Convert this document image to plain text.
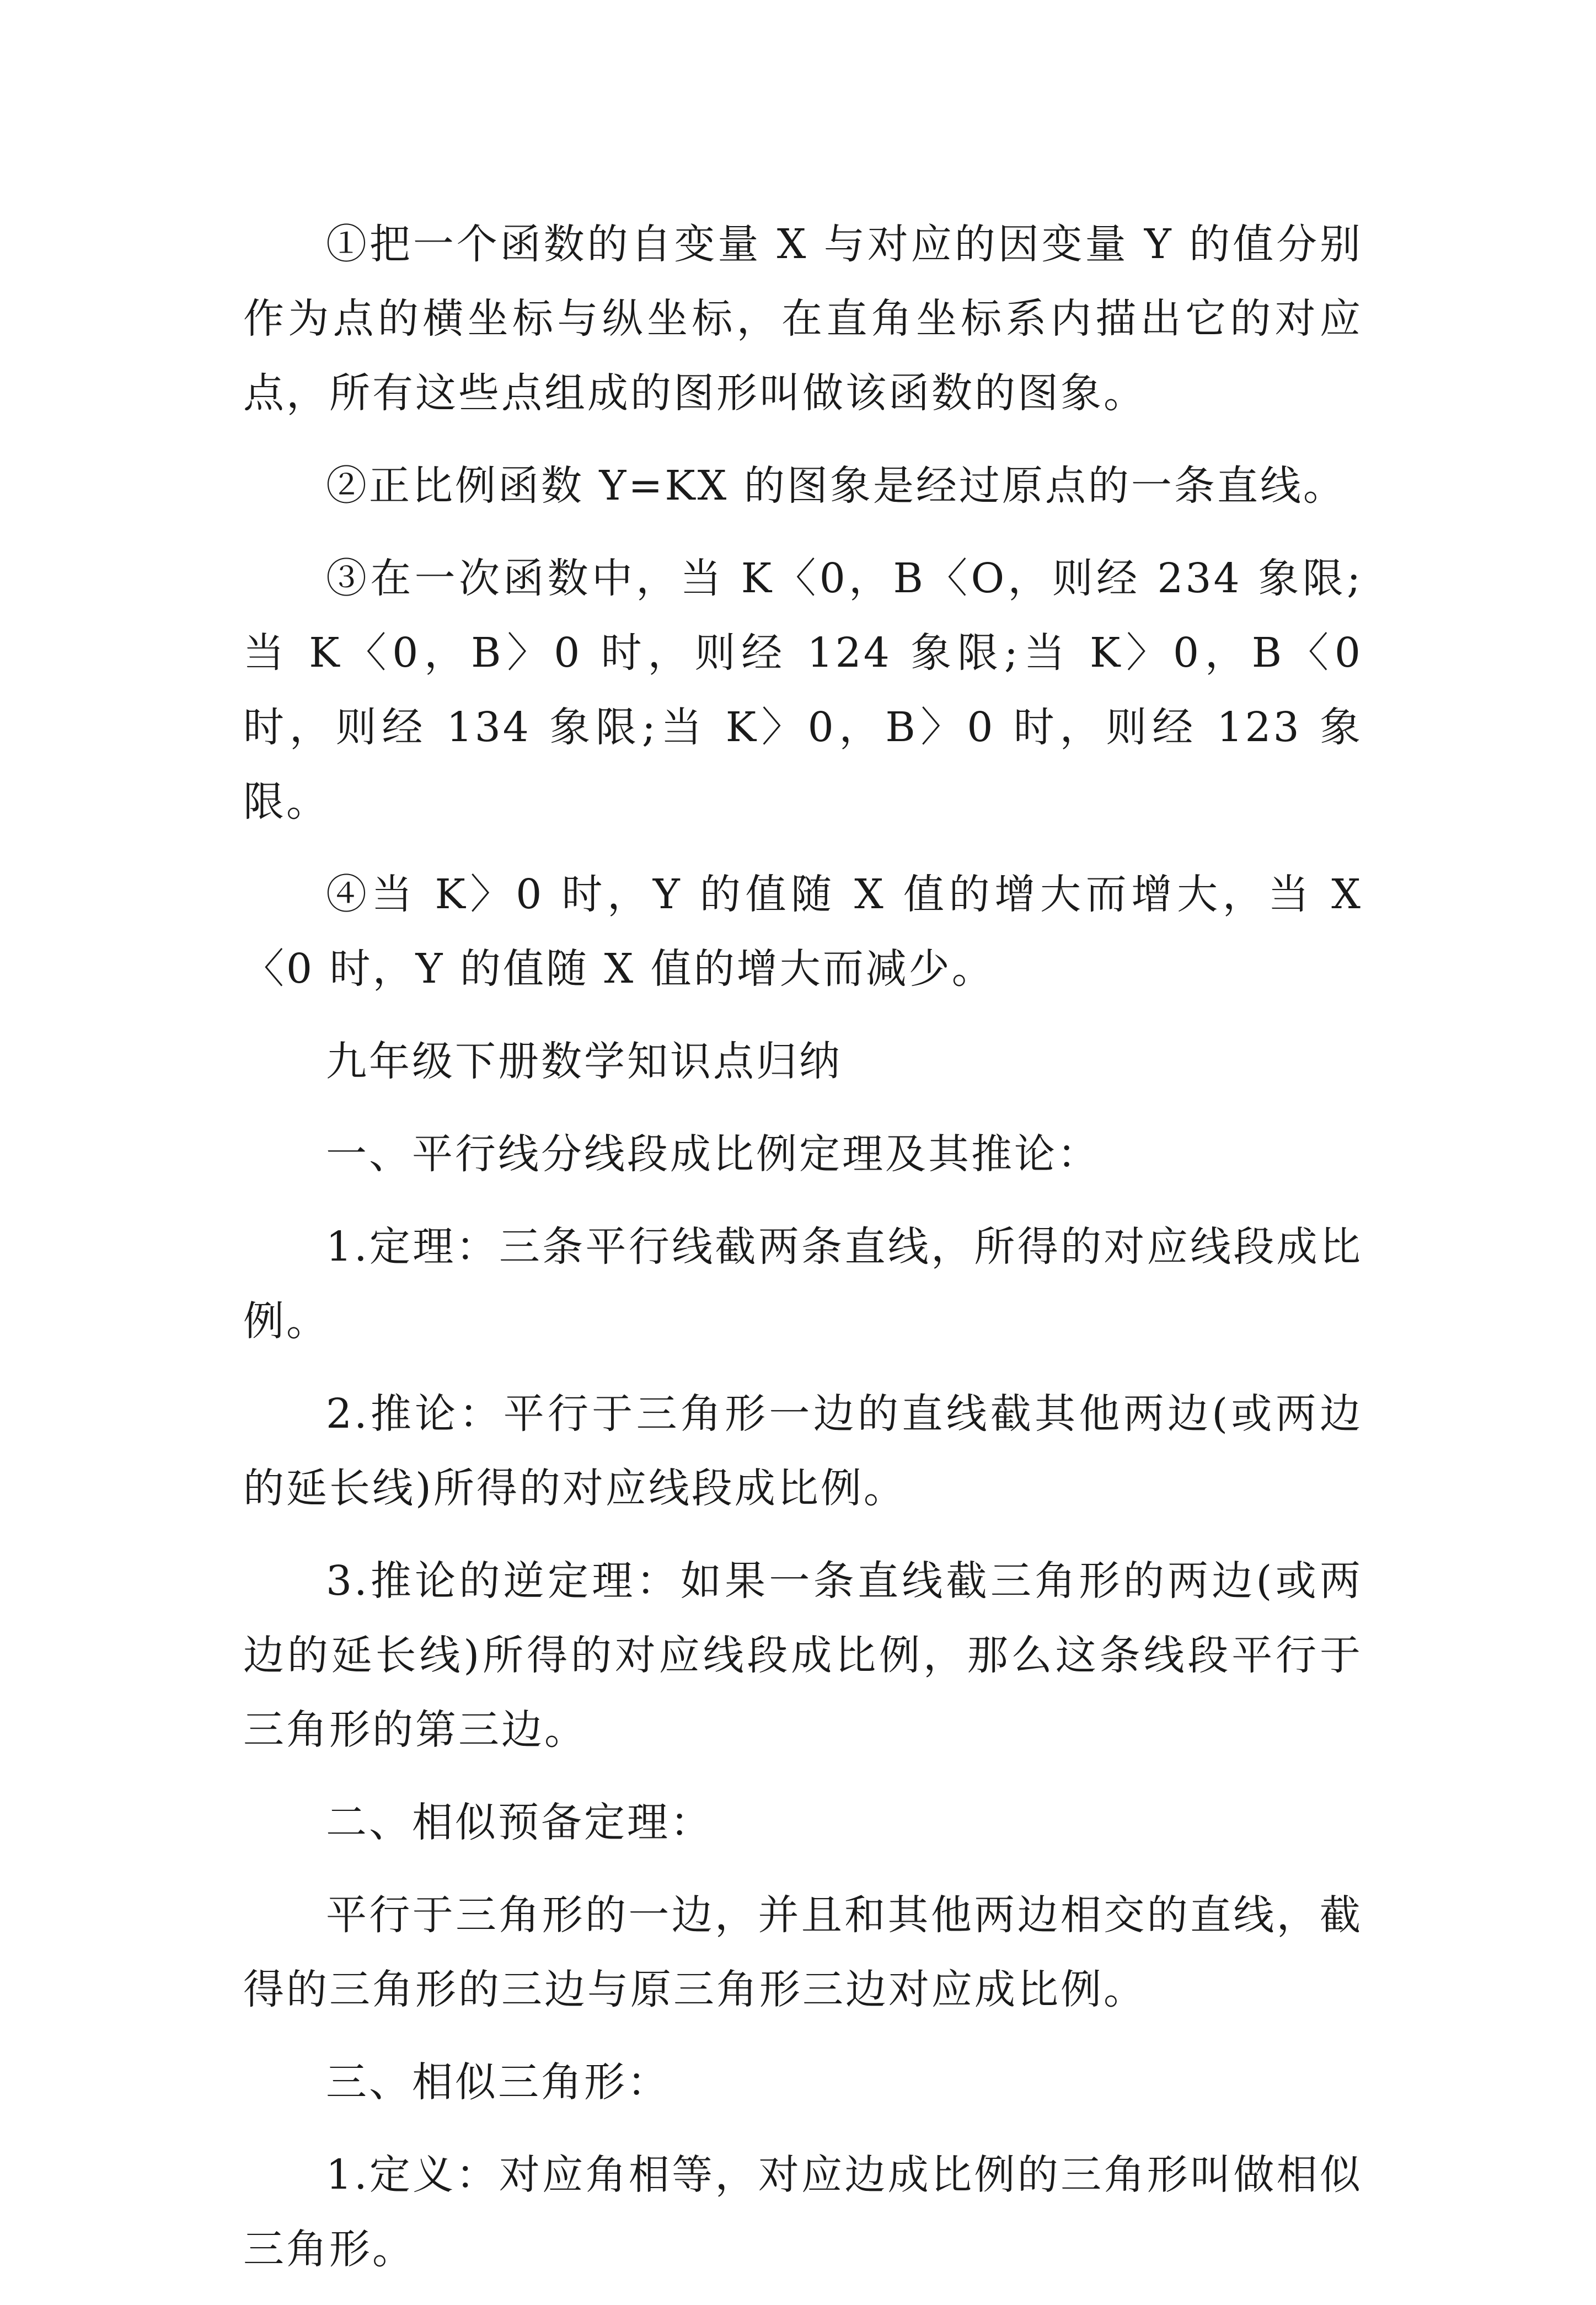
①把一个函数的自变量 X 与对应的因变量 Y 的值分别作为点的横坐标与纵坐标，在直角坐标系内描出它的对应点，所有这些点组成的图形叫做该函数的图象。

②正比例函数 Y=KX 的图象是经过原点的一条直线。

③在一次函数中，当 K〈0，B〈O，则经 234 象限;当 K〈0，B〉0 时，则经 124 象限;当 K〉0，B〈0 时，则经 134 象限;当 K〉0，B〉0 时，则经 123 象限。

④当 K〉0 时，Y 的值随 X 值的增大而增大，当 X〈0 时，Y 的值随 X 值的增大而减少。

九年级下册数学知识点归纳

一、平行线分线段成比例定理及其推论：

1.定理：三条平行线截两条直线，所得的对应线段成比例。

2.推论：平行于三角形一边的直线截其他两边(或两边的延长线)所得的对应线段成比例。

3.推论的逆定理：如果一条直线截三角形的两边(或两边的延长线)所得的对应线段成比例，那么这条线段平行于三角形的第三边。

二、相似预备定理：

平行于三角形的一边，并且和其他两边相交的直线，截得的三角形的三边与原三角形三边对应成比例。

三、相似三角形：

1.定义：对应角相等，对应边成比例的三角形叫做相似三角形。
